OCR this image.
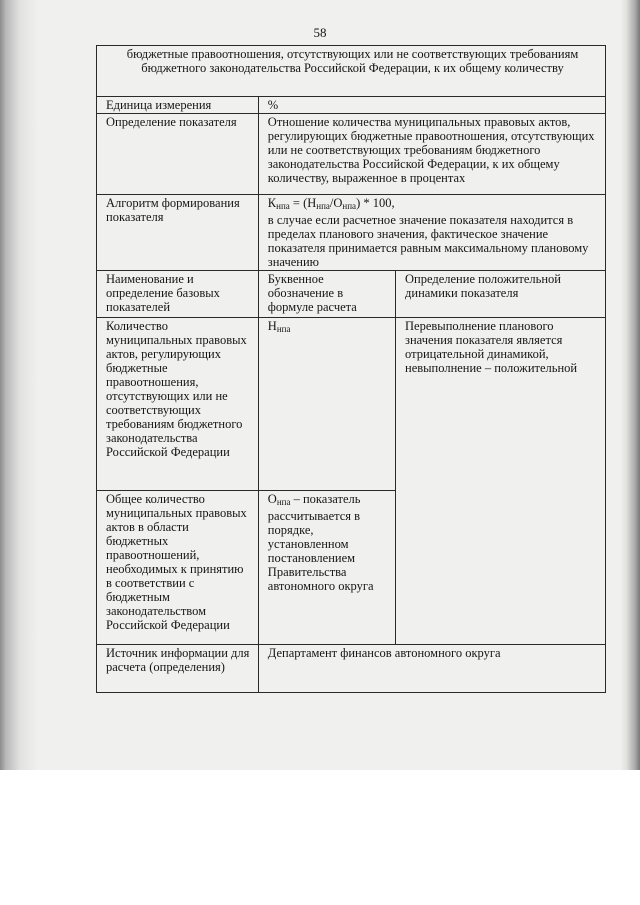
58
бюджетные правоотношения, отсутствующих или не соответствующих требованиям бюджетного законодательства Российской Федерации, к их общему количеству		
Единица измерения	%	
Определение показателя	Отношение количества муниципальных правовых актов, регулирующих бюджетные правоотношения, отсутствующих или не соответствующих требованиям бюджетного законодательства Российской Федерации, к их общему количеству, выраженное в процентах	
Алгоритм формирования показателя	$К_{нпа} = (Н_{нпа}/О_{нпа}) * 100$,
в случае если расчетное значение показателя находится в пределах планового значения, фактическое значение показателя принимается равным максимальному плановому значению	
Наименование и определение базовых показателей	Буквенное обозначение в формуле расчета	Определение положительной динамики показателя
Количество муниципальных правовых актов, регулирующих бюджетные правоотношения, отсутствующих или не соответствующих требованиям бюджетного законодательства Российской Федерации	$Н_{нпа}$	Перевыполнение планового значения показателя является отрицательной динамикой, невыполнение – положительной
Общее количество муниципальных правовых актов в области бюджетных правоотношений, необходимых к принятию в соответствии с бюджетным законодательством Российской Федерации	$О_{нпа}$ – показатель рассчитывается в порядке, установленном постановлением Правительства автономного округа	
Источник информации для расчета (определения)	Департамент финансов автономного округа	
